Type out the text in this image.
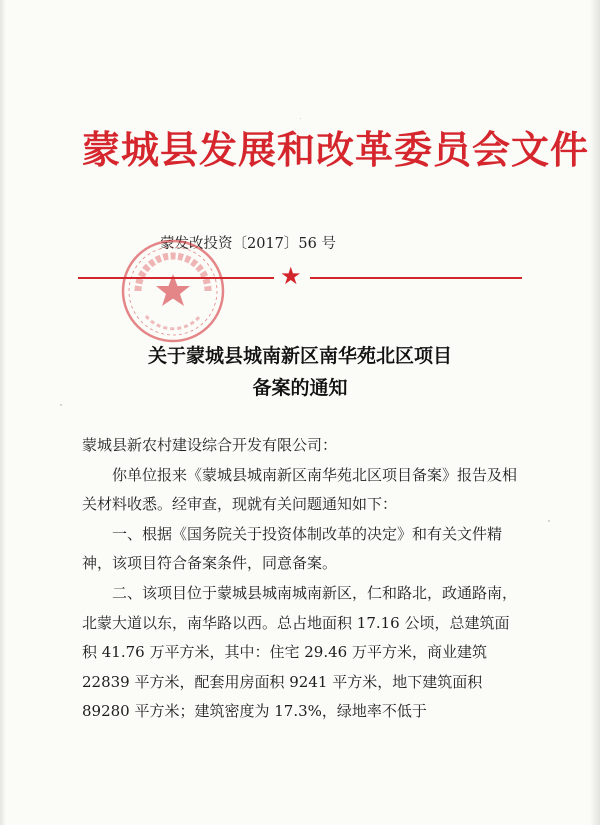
蒙城县发展和改革委员会文件
蒙发改投资〔2017〕56 号
★
关于蒙城县城南新区南华苑北区项目
备案的通知

蒙城县新农村建设综合开发有限公司：

你单位报来《蒙城县城南新区南华苑北区项目备案》报告及相关材料收悉。经审查，现就有关问题通知如下：

一、根据《国务院关于投资体制改革的决定》和有关文件精神，该项目符合备案条件，同意备案。

二、该项目位于蒙城县城南城南新区，仁和路北，政通路南，北蒙大道以东，南华路以西。总占地面积 17.16 公顷，总建筑面积 41.76 万平方米，其中：住宅 29.46 万平方米，商业建筑 22839 平方米，配套用房面积 9241 平方米，地下建筑面积 89280 平方米；建筑密度为 17.3%，绿地率不低于
